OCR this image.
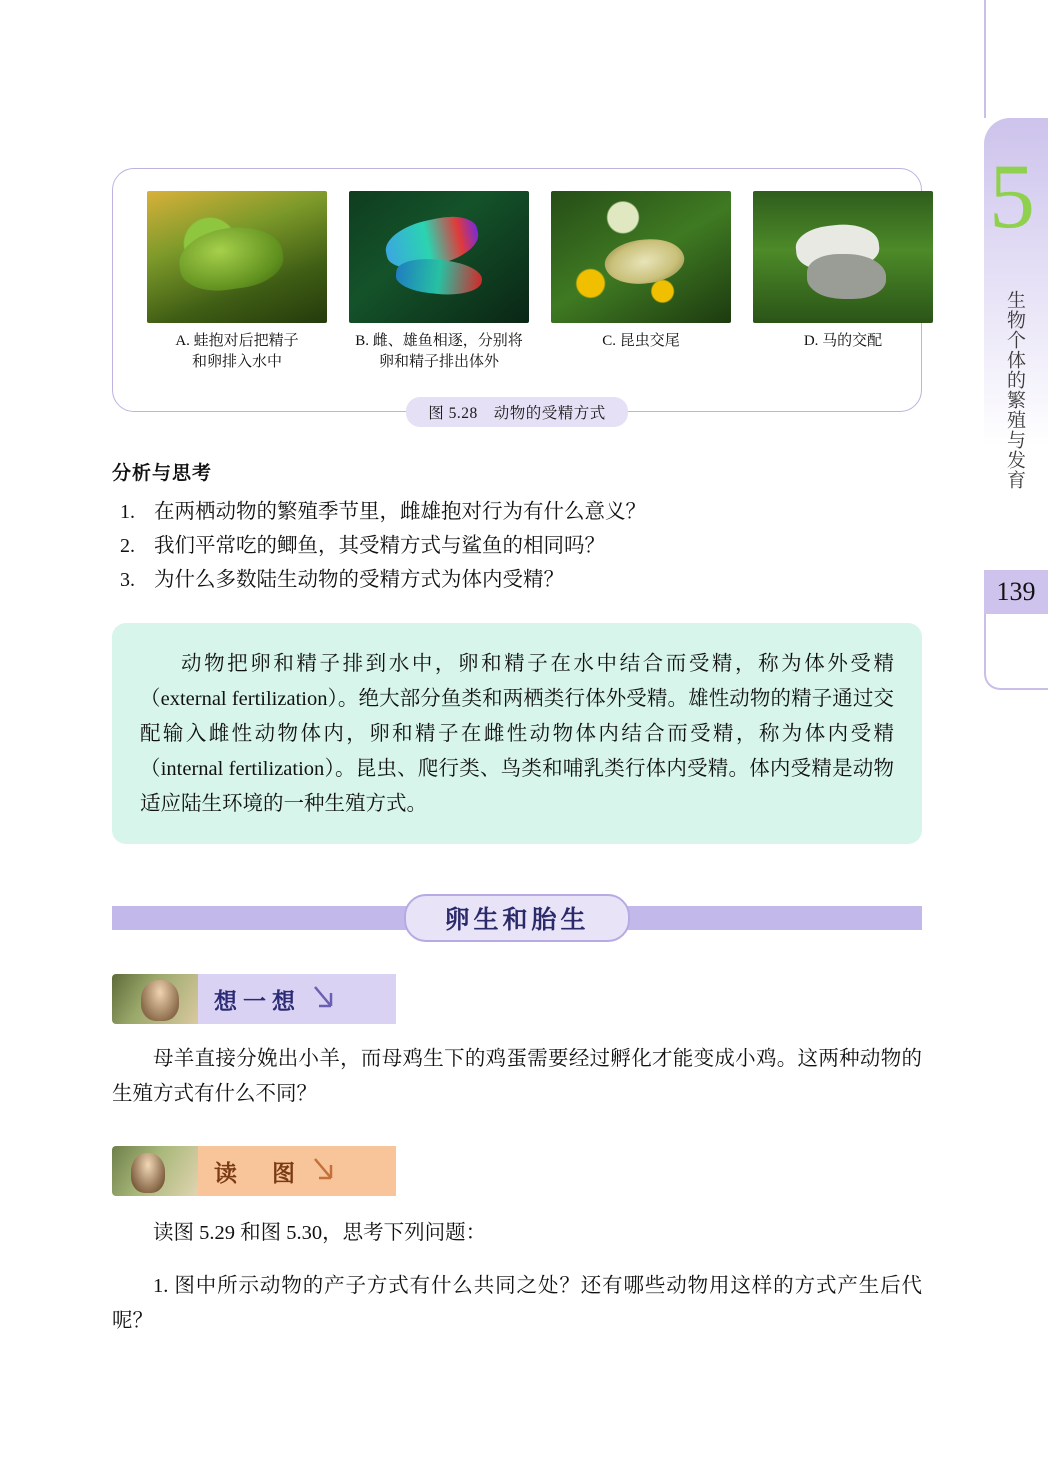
5
生物个体的繁殖与发育
139
A. 蛙抱对后把精子
和卵排入水中
B. 雌、雄鱼相逐，分别将
卵和精子排出体外
C. 昆虫交尾	D. 马的交配
图 5.28　动物的受精方式
分析与思考
1. 在两栖动物的繁殖季节里，雌雄抱对行为有什么意义？
2. 我们平常吃的鲫鱼，其受精方式与鲨鱼的相同吗？
3. 为什么多数陆生动物的受精方式为体内受精？

动物把卵和精子排到水中，卵和精子在水中结合而受精，称为体外受精（external fertilization）。绝大部分鱼类和两栖类行体外受精。雄性动物的精子通过交配输入雌性动物体内，卵和精子在雌性动物体内结合而受精，称为体内受精（internal fertilization）。昆虫、爬行类、鸟类和哺乳类行体内受精。体内受精是动物适应陆生环境的一种生殖方式。

卵生和胎生
想一想

母羊直接分娩出小羊，而母鸡生下的鸡蛋需要经过孵化才能变成小鸡。这两种动物的生殖方式有什么不同？

读　图

读图 5.29 和图 5.30，思考下列问题：

1. 图中所示动物的产子方式有什么共同之处？还有哪些动物用这样的方式产生后代呢？
